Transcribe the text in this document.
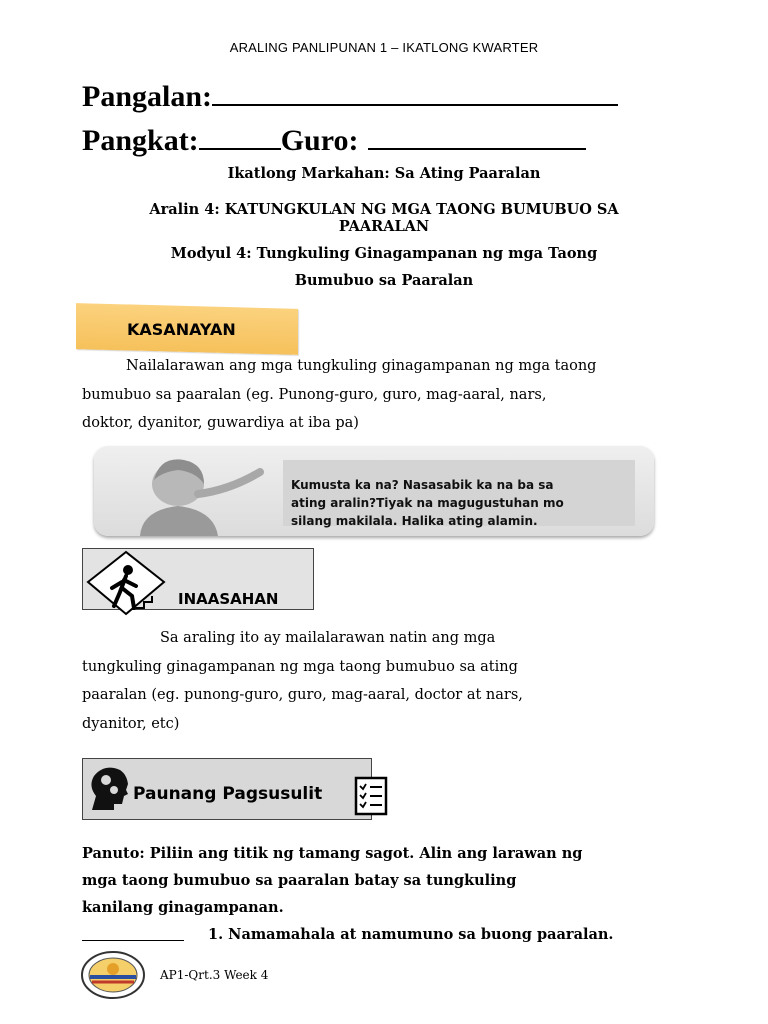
ARALING PANLIPUNAN 1 – IKATLONG KWARTER
Pangalan:
Pangkat:	Guro:
Ikatlong Markahan: Sa Ating Paaralan
Aralin 4: KATUNGKULAN NG MGA TAONG BUMUBUO SA
PAARALAN
Modyul 4: Tungkuling Ginagampanan ng mga Taong
Bumubuo sa Paaralan
KASANAYAN
Nailalarawan ang mga tungkuling ginagampanan ng mga taong
bumubuo sa paaralan (eg. Punong-guro, guro, mag-aaral, nars,
doktor, dyanitor, guwardiya at iba pa)
Kumusta ka na? Nasasabik ka na ba sa
ating aralin?Tiyak na magugustuhan mo
silang makilala. Halika ating alamin.
INAASAHAN
Sa araling ito ay mailalarawan natin ang mga
tungkuling ginagampanan ng mga taong bumubuo sa ating
paaralan (eg. punong-guro, guro, mag-aaral, doctor at nars,
dyanitor, etc)
Paunang Pagsusulit
Panuto: Piliin ang titik ng tamang sagot. Alin ang larawan ng
mga taong bumubuo sa paaralan batay sa tungkuling
kanilang ginagampanan.
1. Namamahala at namumuno sa buong paaralan.
AP1-Qrt.3 Week 4
